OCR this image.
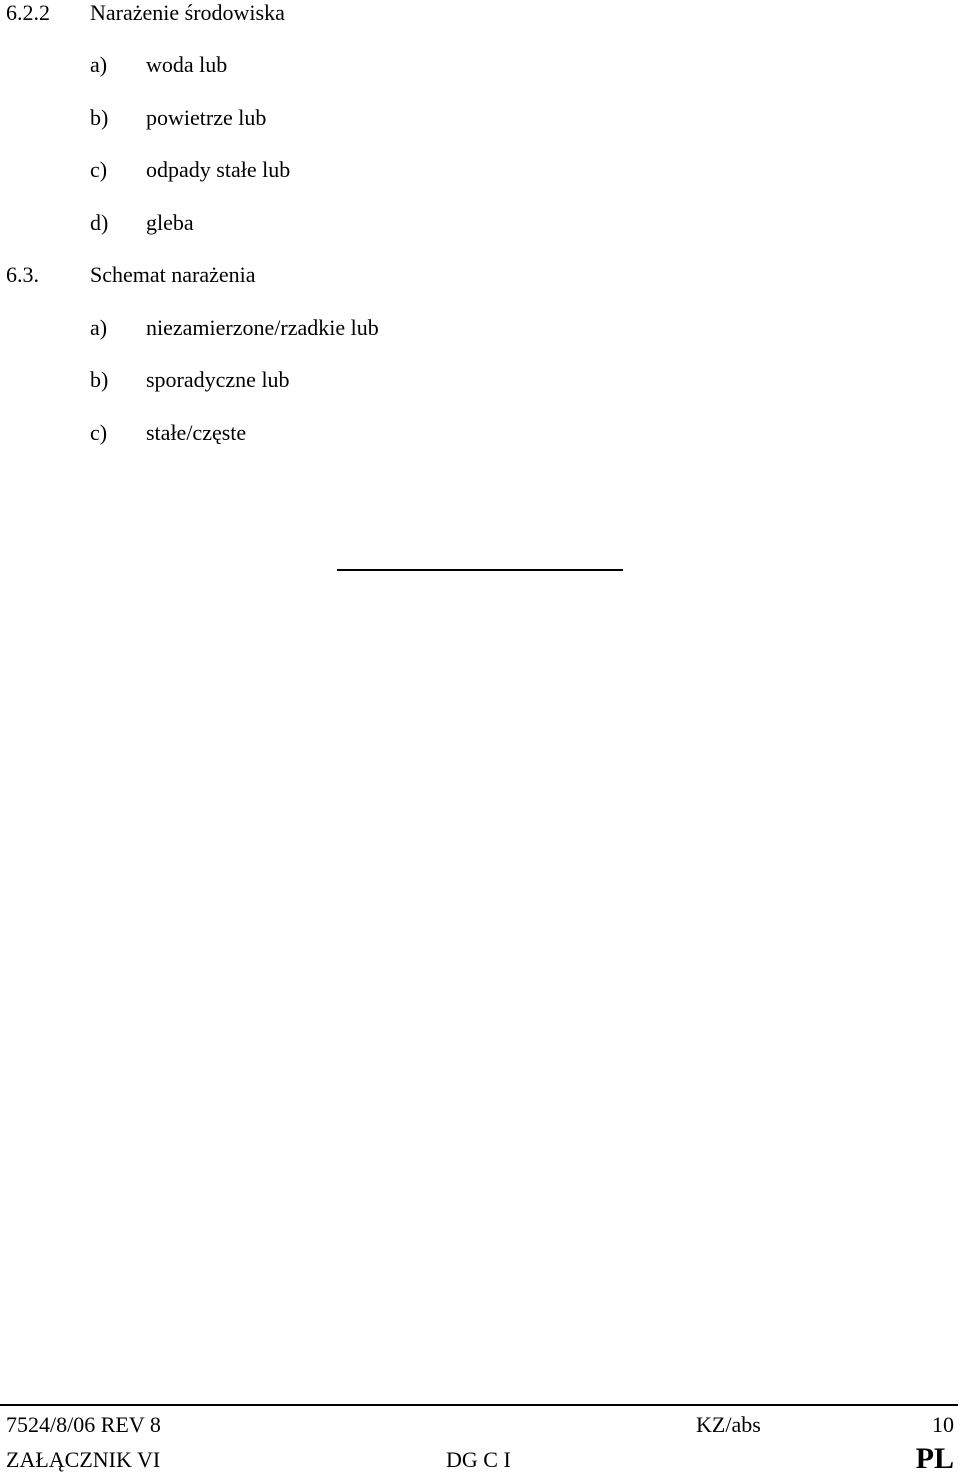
6.2.2 Narażenie środowiska
a) woda lub
b) powietrze lub
c) odpady stałe lub
d) gleba
6.3. Schemat narażenia
a) niezamierzone/rzadkie lub
b) sporadyczne lub
c) stałe/częste
7524/8/06 REV 8	KZ/abs	10
ZAŁĄCZNIK VI	DG C I	PL
